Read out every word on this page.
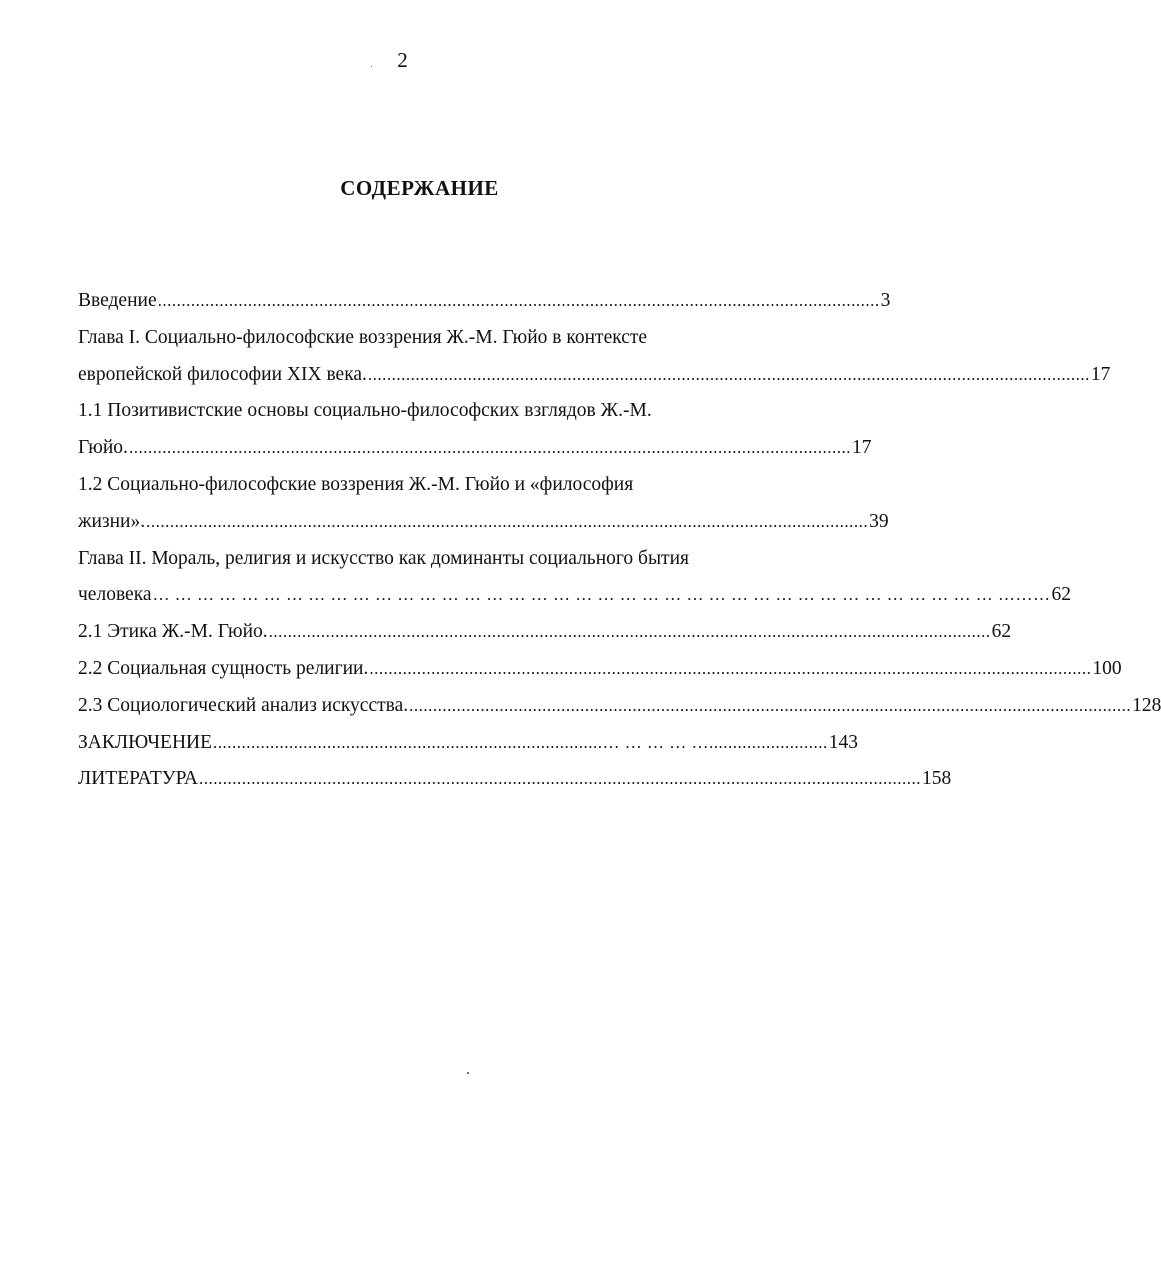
2
СОДЕРЖАНИЕ
Введение ........................................................................................................................................................ 3
Глава I. Социально-философские воззрения Ж.-М. Гюйо в контексте
европейской философии XIX века. ........................................................................................................................................................ 17
1.1 Позитивистские основы социально-философских взглядов Ж.-М.
Гюйо. ........................................................................................................................................................ 17
1.2 Социально-философские воззрения Ж.-М. Гюйо и «философия
жизни». ........................................................................................................................................................ 39
Глава II. Мораль, религия и искусство как доминанты социального бытия
человека … … … … … … … … … … … … … … … … … … … … … … … … … … … … … … … … … … … … … … ……… 62
2.1 Этика Ж.-М. Гюйо. ........................................................................................................................................................ 62
2.2 Социальная сущность религии. ........................................................................................................................................................ 100
2.3 Социологический анализ искусства. ........................................................................................................................................................ 128
ЗАКЛЮЧЕНИЕ ..................................................................................… … … … …......................... 143
ЛИТЕРАТУРА ........................................................................................................................................................ 158
